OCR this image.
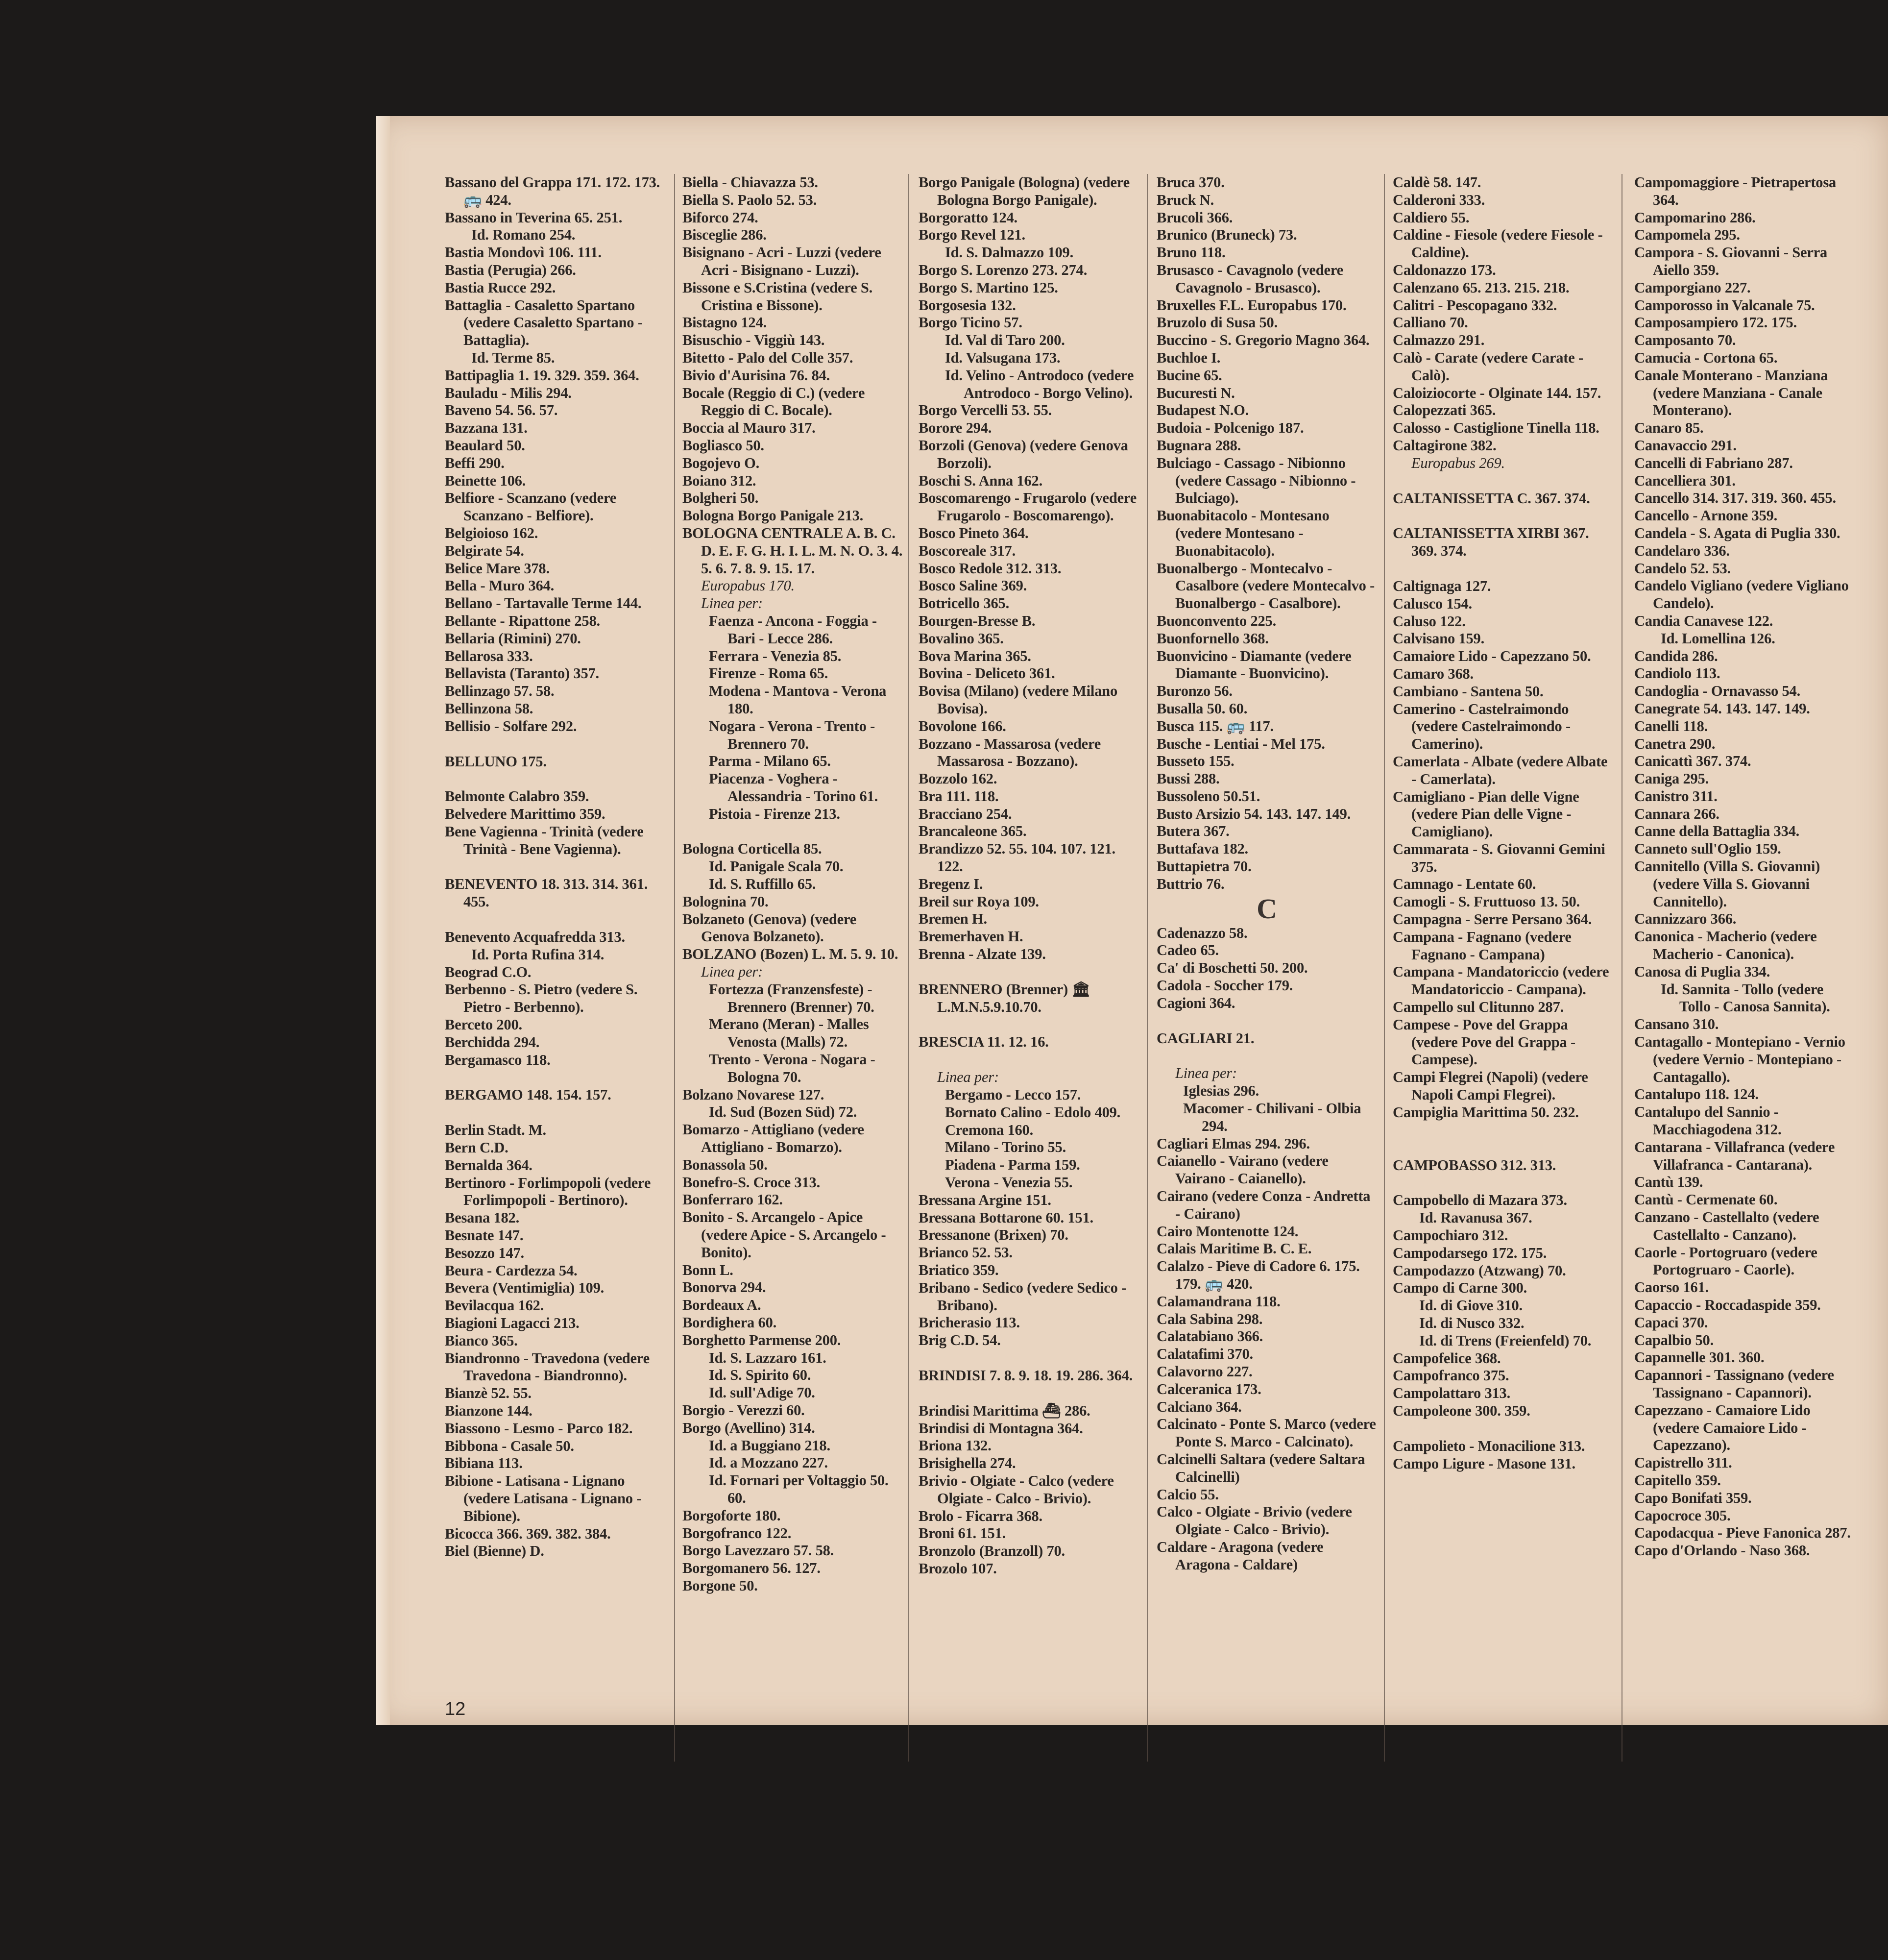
Bassano del Grappa 171. 172. 173. 🚌 424.
Bassano in Teverina 65. 251.
Id. Romano 254.
Bastia Mondovì 106. 111.
Bastia (Perugia) 266.
Bastia Rucce 292.
Battaglia - Casaletto Spartano (vedere Casaletto Spartano - Battaglia).
Id. Terme 85.
Battipaglia 1. 19. 329. 359. 364.
Bauladu - Milis 294.
Baveno 54. 56. 57.
Bazzana 131.
Beaulard 50.
Beffi 290.
Beinette 106.
Belfiore - Scanzano (vedere Scanzano - Belfiore).
Belgioioso 162.
Belgirate 54.
Belice Mare 378.
Bella - Muro 364.
Bellano - Tartavalle Terme 144.
Bellante - Ripattone 258.
Bellaria (Rimini) 270.
Bellarosa 333.
Bellavista (Taranto) 357.
Bellinzago 57. 58.
Bellinzona 58.
Bellisio - Solfare 292.
BELLUNO 175.
Belmonte Calabro 359.
Belvedere Marittimo 359.
Bene Vagienna - Trinità (vedere Trinità - Bene Vagienna).
BENEVENTO 18. 313. 314. 361. 455.
Benevento Acquafredda 313.
Id. Porta Rufina 314.
Beograd C.O.
Berbenno - S. Pietro (vedere S. Pietro - Berbenno).
Berceto 200.
Berchidda 294.
Bergamasco 118.
BERGAMO 148. 154. 157.
Berlin Stadt. M.
Bern C.D.
Bernalda 364.
Bertinoro - Forlimpopoli (vedere Forlimpopoli - Bertinoro).
Besana 182.
Besnate 147.
Besozzo 147.
Beura - Cardezza 54.
Bevera (Ventimiglia) 109.
Bevilacqua 162.
Biagioni Lagacci 213.
Bianco 365.
Biandronno - Travedona (vedere Travedona - Biandronno).
Bianzè 52. 55.
Bianzone 144.
Biassono - Lesmo - Parco 182.
Bibbona - Casale 50.
Bibiana 113.
Bibione - Latisana - Lignano (vedere Latisana - Lignano - Bibione).
Bicocca 366. 369. 382. 384.
Biel (Bienne) D.
Biella - Chiavazza 53.
Biella S. Paolo 52. 53.
Biforco 274.
Bisceglie 286.
Bisignano - Acri - Luzzi (vedere Acri - Bisignano - Luzzi).
Bissone e S.Cristina (vedere S. Cristina e Bissone).
Bistagno 124.
Bisuschio - Viggiù 143.
Bitetto - Palo del Colle 357.
Bivio d'Aurisina 76. 84.
Bocale (Reggio di C.) (vedere Reggio di C. Bocale).
Boccia al Mauro 317.
Bogliasco 50.
Bogojevo O.
Boiano 312.
Bolgheri 50.
Bologna Borgo Panigale 213.
BOLOGNA CENTRALE A. B. C. D. E. F. G. H. I. L. M. N. O. 3. 4. 5. 6. 7. 8. 9. 15. 17.
Europabus 170.
Linea per:
Faenza - Ancona - Foggia - Bari - Lecce 286.
Ferrara - Venezia 85.
Firenze - Roma 65.
Modena - Mantova - Verona 180.
Nogara - Verona - Trento - Brennero 70.
Parma - Milano 65.
Piacenza - Voghera - Alessandria - Torino 61.
Pistoia - Firenze 213.
Bologna Corticella 85.
Id. Panigale Scala 70.
Id. S. Ruffillo 65.
Bolognina 70.
Bolzaneto (Genova) (vedere Genova Bolzaneto).
BOLZANO (Bozen) L. M. 5. 9. 10.
Linea per:
Fortezza (Franzensfeste) - Brennero (Brenner) 70.
Merano (Meran) - Malles Venosta (Malls) 72.
Trento - Verona - Nogara - Bologna 70.
Bolzano Novarese 127.
Id. Sud (Bozen Süd) 72.
Bomarzo - Attigliano (vedere Attigliano - Bomarzo).
Bonassola 50.
Bonefro-S. Croce 313.
Bonferraro 162.
Bonito - S. Arcangelo - Apice (vedere Apice - S. Arcangelo - Bonito).
Bonn L.
Bonorva 294.
Bordeaux A.
Bordighera 60.
Borghetto Parmense 200.
Id. S. Lazzaro 161.
Id. S. Spirito 60.
Id. sull'Adige 70.
Borgio - Verezzi 60.
Borgo (Avellino) 314.
Id. a Buggiano 218.
Id. a Mozzano 227.
Id. Fornari per Voltaggio 50. 60.
Borgoforte 180.
Borgofranco 122.
Borgo Lavezzaro 57. 58.
Borgomanero 56. 127.
Borgone 50.
Borgo Panigale (Bologna) (vedere Bologna Borgo Panigale).
Borgoratto 124.
Borgo Revel 121.
Id. S. Dalmazzo 109.
Borgo S. Lorenzo 273. 274.
Borgo S. Martino 125.
Borgosesia 132.
Borgo Ticino 57.
Id. Val di Taro 200.
Id. Valsugana 173.
Id. Velino - Antrodoco (vedere Antrodoco - Borgo Velino).
Borgo Vercelli 53. 55.
Borore 294.
Borzoli (Genova) (vedere Genova Borzoli).
Boschi S. Anna 162.
Boscomarengo - Frugarolo (vedere Frugarolo - Boscomarengo).
Bosco Pineto 364.
Boscoreale 317.
Bosco Redole 312. 313.
Bosco Saline 369.
Botricello 365.
Bourgen-Bresse B.
Bovalino 365.
Bova Marina 365.
Bovina - Deliceto 361.
Bovisa (Milano) (vedere Milano Bovisa).
Bovolone 166.
Bozzano - Massarosa (vedere Massarosa - Bozzano).
Bozzolo 162.
Bra 111. 118.
Bracciano 254.
Brancaleone 365.
Brandizzo 52. 55. 104. 107. 121. 122.
Bregenz I.
Breil sur Roya 109.
Bremen H.
Bremerhaven H.
Brenna - Alzate 139.
BRENNERO (Brenner) 🏛 L.M.N.5.9.10.70.
BRESCIA 11. 12. 16.
Linea per:
Bergamo - Lecco 157.
Bornato Calino - Edolo 409.
Cremona 160.
Milano - Torino 55.
Piadena - Parma 159.
Verona - Venezia 55.
Bressana Argine 151.
Bressana Bottarone 60. 151.
Bressanone (Brixen) 70.
Brianco 52. 53.
Briatico 359.
Bribano - Sedico (vedere Sedico - Bribano).
Bricherasio 113.
Brig C.D. 54.
BRINDISI 7. 8. 9. 18. 19. 286. 364.
Brindisi Marittima ⛴ 286.
Brindisi di Montagna 364.
Briona 132.
Brisighella 274.
Brivio - Olgiate - Calco (vedere Olgiate - Calco - Brivio).
Brolo - Ficarra 368.
Broni 61. 151.
Bronzolo (Branzoll) 70.
Brozolo 107.
Bruca 370.
Bruck N.
Brucoli 366.
Brunico (Bruneck) 73.
Bruno 118.
Brusasco - Cavagnolo (vedere Cavagnolo - Brusasco).
Bruxelles F.L. Europabus 170.
Bruzolo di Susa 50.
Buccino - S. Gregorio Magno 364.
Buchloe I.
Bucine 65.
Bucuresti N.
Budapest N.O.
Budoia - Polcenigo 187.
Bugnara 288.
Bulciago - Cassago - Nibionno (vedere Cassago - Nibionno - Bulciago).
Buonabitacolo - Montesano (vedere Montesano - Buonabitacolo).
Buonalbergo - Montecalvo - Casalbore (vedere Montecalvo - Buonalbergo - Casalbore).
Buonconvento 225.
Buonfornello 368.
Buonvicino - Diamante (vedere Diamante - Buonvicino).
Buronzo 56.
Busalla 50. 60.
Busca 115. 🚌 117.
Busche - Lentiai - Mel 175.
Busseto 155.
Bussi 288.
Bussoleno 50.51.
Busto Arsizio 54. 143. 147. 149.
Butera 367.
Buttafava 182.
Buttapietra 70.
Buttrio 76.
C
Cadenazzo 58.
Cadeo 65.
Ca' di Boschetti 50. 200.
Cadola - Soccher 179.
Cagioni 364.
CAGLIARI 21.
Linea per:
Iglesias 296.
Macomer - Chilivani - Olbia 294.
Cagliari Elmas 294. 296.
Caianello - Vairano (vedere Vairano - Caianello).
Cairano (vedere Conza - Andretta - Cairano)
Cairo Montenotte 124.
Calais Maritime B. C. E.
Calalzo - Pieve di Cadore 6. 175. 179. 🚌 420.
Calamandrana 118.
Cala Sabina 298.
Calatabiano 366.
Calatafimi 370.
Calavorno 227.
Calceranica 173.
Calciano 364.
Calcinato - Ponte S. Marco (vedere Ponte S. Marco - Calcinato).
Calcinelli Saltara (vedere Saltara Calcinelli)
Calcio 55.
Calco - Olgiate - Brivio (vedere Olgiate - Calco - Brivio).
Caldare - Aragona (vedere Aragona - Caldare)
Caldè 58. 147.
Calderoni 333.
Caldiero 55.
Caldine - Fiesole (vedere Fiesole - Caldine).
Caldonazzo 173.
Calenzano 65. 213. 215. 218.
Calitri - Pescopagano 332.
Calliano 70.
Calmazzo 291.
Calò - Carate (vedere Carate - Calò).
Caloiziocorte - Olginate 144. 157.
Calopezzati 365.
Calosso - Castiglione Tinella 118.
Caltagirone 382.
Europabus 269.
CALTANISSETTA C. 367. 374.
CALTANISSETTA XIRBI 367. 369. 374.
Caltignaga 127.
Calusco 154.
Caluso 122.
Calvisano 159.
Camaiore Lido - Capezzano 50.
Camaro 368.
Cambiano - Santena 50.
Camerino - Castelraimondo (vedere Castelraimondo - Camerino).
Camerlata - Albate (vedere Albate - Camerlata).
Camigliano - Pian delle Vigne (vedere Pian delle Vigne - Camigliano).
Cammarata - S. Giovanni Gemini 375.
Camnago - Lentate 60.
Camogli - S. Fruttuoso 13. 50.
Campagna - Serre Persano 364.
Campana - Fagnano (vedere Fagnano - Campana)
Campana - Mandatoriccio (vedere Mandatoriccio - Campana).
Campello sul Clitunno 287.
Campese - Pove del Grappa (vedere Pove del Grappa - Campese).
Campi Flegrei (Napoli) (vedere Napoli Campi Flegrei).
Campiglia Marittima 50. 232.
CAMPOBASSO 312. 313.
Campobello di Mazara 373.
Id. Ravanusa 367.
Campochiaro 312.
Campodarsego 172. 175.
Campodazzo (Atzwang) 70.
Campo di Carne 300.
Id. di Giove 310.
Id. di Nusco 332.
Id. di Trens (Freienfeld) 70.
Campofelice 368.
Campofranco 375.
Campolattaro 313.
Campoleone 300. 359.
Campolieto - Monacilione 313.
Campo Ligure - Masone 131.
Campomaggiore - Pietrapertosa 364.
Campomarino 286.
Campomela 295.
Campora - S. Giovanni - Serra Aiello 359.
Camporgiano 227.
Camporosso in Valcanale 75.
Camposampiero 172. 175.
Camposanto 70.
Camucia - Cortona 65.
Canale Monterano - Manziana (vedere Manziana - Canale Monterano).
Canaro 85.
Canavaccio 291.
Cancelli di Fabriano 287.
Cancelliera 301.
Cancello 314. 317. 319. 360. 455.
Cancello - Arnone 359.
Candela - S. Agata di Puglia 330.
Candelaro 336.
Candelo 52. 53.
Candelo Vigliano (vedere Vigliano Candelo).
Candia Canavese 122.
Id. Lomellina 126.
Candida 286.
Candiolo 113.
Candoglia - Ornavasso 54.
Canegrate 54. 143. 147. 149.
Canelli 118.
Canetra 290.
Canicattì 367. 374.
Caniga 295.
Canistro 311.
Cannara 266.
Canne della Battaglia 334.
Canneto sull'Oglio 159.
Cannitello (Villa S. Giovanni) (vedere Villa S. Giovanni Cannitello).
Cannizzaro 366.
Canonica - Macherio (vedere Macherio - Canonica).
Canosa di Puglia 334.
Id. Sannita - Tollo (vedere Tollo - Canosa Sannita).
Cansano 310.
Cantagallo - Montepiano - Vernio (vedere Vernio - Montepiano - Cantagallo).
Cantalupo 118. 124.
Cantalupo del Sannio - Macchiagodena 312.
Cantarana - Villafranca (vedere Villafranca - Cantarana).
Cantù 139.
Cantù - Cermenate 60.
Canzano - Castellalto (vedere Castellalto - Canzano).
Caorle - Portogruaro (vedere Portogruaro - Caorle).
Caorso 161.
Capaccio - Roccadaspide 359.
Capaci 370.
Capalbio 50.
Capannelle 301. 360.
Capannori - Tassignano (vedere Tassignano - Capannori).
Capezzano - Camaiore Lido (vedere Camaiore Lido - Capezzano).
Capistrello 311.
Capitello 359.
Capo Bonifati 359.
Capocroce 305.
Capodacqua - Pieve Fanonica 287.
Capo d'Orlando - Naso 368.
12
